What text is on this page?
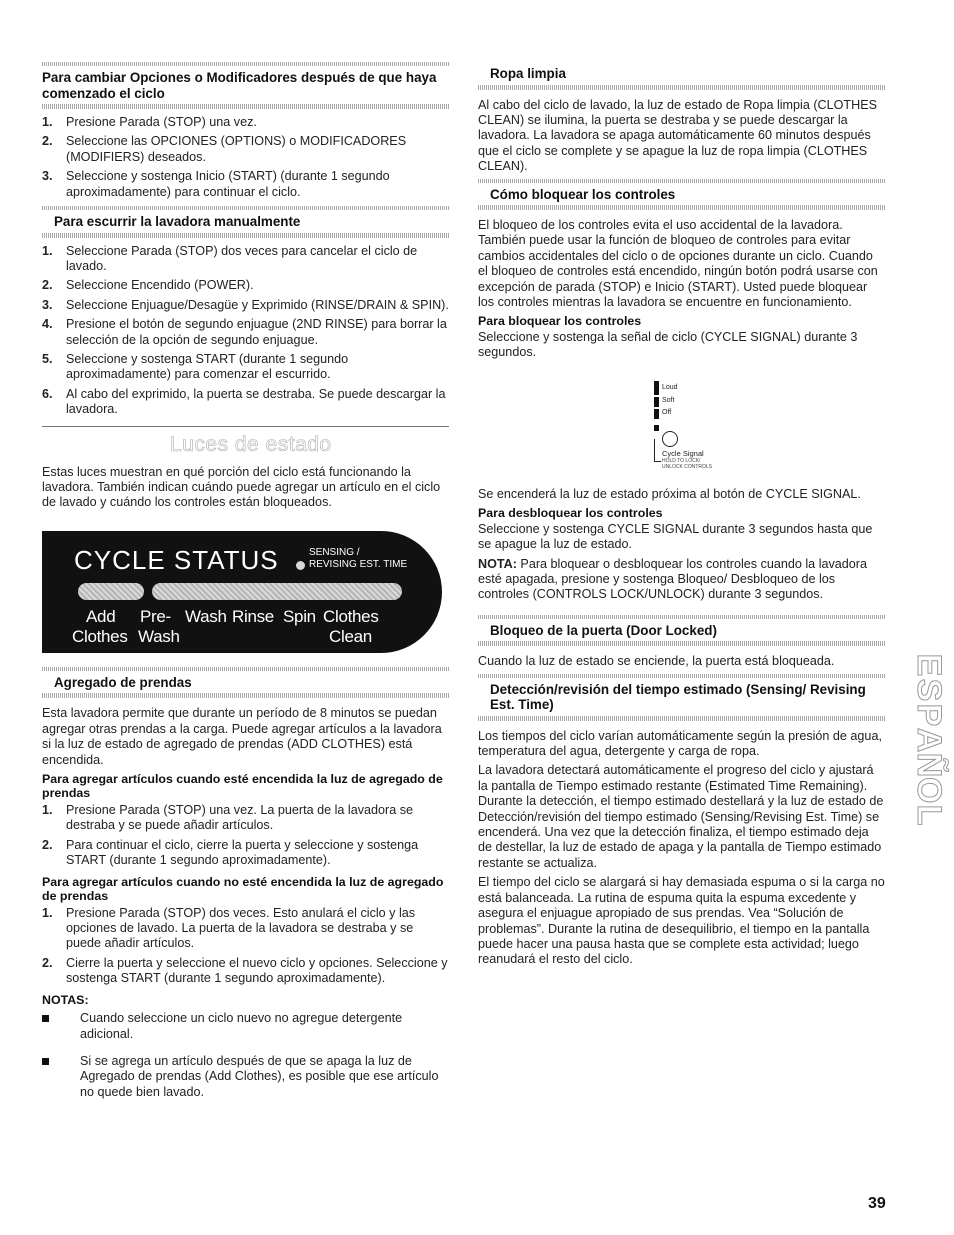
Para cambiar Opciones o Modificadores después de que haya comenzado el ciclo
1. Presione Parada (STOP) una vez.
2. Seleccione las OPCIONES (OPTIONS) o MODIFICADORES (MODIFIERS) deseados.
3. Seleccione y sostenga Inicio (START) (durante 1 segundo aproximadamente) para continuar el ciclo.
Para escurrir la lavadora manualmente
1. Seleccione Parada (STOP) dos veces para cancelar el ciclo de lavado.
2. Seleccione Encendido (POWER).
3. Seleccione Enjuague/Desagüe y Exprimido (RINSE/DRAIN & SPIN).
4. Presione el botón de segundo enjuague (2ND RINSE) para borrar la selección de la opción de segundo enjuague.
5. Seleccione y sostenga START (durante 1 segundo aproximadamente) para comenzar el escurrido.
6. Al cabo del exprimido, la puerta se destraba. Se puede descargar la lavadora.
Luces de estado

Estas luces muestran en qué porción del ciclo está funcionando la lavadora. También indican cuándo puede agregar un artículo en el ciclo de lavado y cuándo los controles están bloqueados.

CYCLE STATUS	SENSING /
REVISING EST. TIME
Add
Clothes
Pre-
Wash
Wash Rinse Spin Clothes
Clean
Agregado de prendas

Esta lavadora permite que durante un período de 8 minutos se puedan agregar otras prendas a la carga. Puede agregar artículos a la lavadora si la luz de estado de agregado de prendas (ADD CLOTHES) está encendida.

Para agregar artículos cuando esté encendida la luz de agregado de prendas
1. Presione Parada (STOP) una vez. La puerta de la lavadora se destraba y se puede añadir artículos.
2. Para continuar el ciclo, cierre la puerta y seleccione y sostenga START (durante 1 segundo aproximadamente).
Para agregar artículos cuando no esté encendida la luz de agregado de prendas
1. Presione Parada (STOP) dos veces. Esto anulará el ciclo y las opciones de lavado. La puerta de la lavadora se destraba y se puede añadir artículos.
2. Cierre la puerta y seleccione el nuevo ciclo y opciones. Seleccione y sostenga START (durante 1 segundo aproximadamente).
NOTAS:
Cuando seleccione un ciclo nuevo no agregue detergente adicional.
Si se agrega un artículo después de que se apaga la luz de Agregado de prendas (Add Clothes), es posible que ese artículo no quede bien lavado.
Ropa limpia

Al cabo del ciclo de lavado, la luz de estado de Ropa limpia (CLOTHES CLEAN) se ilumina, la puerta se destraba y se puede descargar la lavadora. La lavadora se apaga automáticamente 60 minutos después que el ciclo se complete y se apague la luz de ropa limpia (CLOTHES CLEAN).

Cómo bloquear los controles

El bloqueo de los controles evita el uso accidental de la lavadora. También puede usar la función de bloqueo de controles para evitar cambios accidentales del ciclo o de opciones durante un ciclo. Cuando el bloqueo de controles está encendido, ningún botón podrá usarse con excepción de parada (STOP) e Inicio (START). Usted puede bloquear los controles mientras la lavadora se encuentre en funcionamiento.

Para bloquear los controles

Seleccione y sostenga la señal de ciclo (CYCLE SIGNAL) durante 3 segundos.

Loud
Soft
Off
Cycle Signal
HOLD TO LOCK/
UNLOCK CONTROLS

Se encenderá la luz de estado próxima al botón de CYCLE SIGNAL.

Para desbloquear los controles

Seleccione y sostenga CYCLE SIGNAL durante 3 segundos hasta que se apague la luz de estado.

NOTA: Para bloquear o desbloquear los controles cuando la lavadora esté apagada, presione y sostenga Bloqueo/ Desbloqueo de los controles (CONTROLS LOCK/UNLOCK) durante 3 segundos.

Bloqueo de la puerta (Door Locked)

Cuando la luz de estado se enciende, la puerta está bloqueada.

Detección/revisión del tiempo estimado (Sensing/ Revising Est. Time)

Los tiempos del ciclo varían automáticamente según la presión de agua, temperatura del agua, detergente y carga de ropa.

La lavadora detectará automáticamente el progreso del ciclo y ajustará la pantalla de Tiempo estimado restante (Estimated Time Remaining). Durante la detección, el tiempo estimado destellará y la luz de estado de Detección/revisión del tiempo estimado (Sensing/Revising Est. Time) se encenderá. Una vez que la detección finaliza, el tiempo estimado deja de destellar, la luz de estado de apaga y la pantalla de Tiempo estimado restante se actualiza.

El tiempo del ciclo se alargará si hay demasiada espuma o si la carga no está balanceada. La rutina de espuma quita la espuma excedente y asegura el enjuague apropiado de sus prendas. Vea “Solución de problemas”. Durante la rutina de desequilibrio, el tiempo en la pantalla puede hacer una pausa hasta que se complete esta actividad; luego reanudará el resto del ciclo.

E
S
P
A
Ñ
O
L
39
